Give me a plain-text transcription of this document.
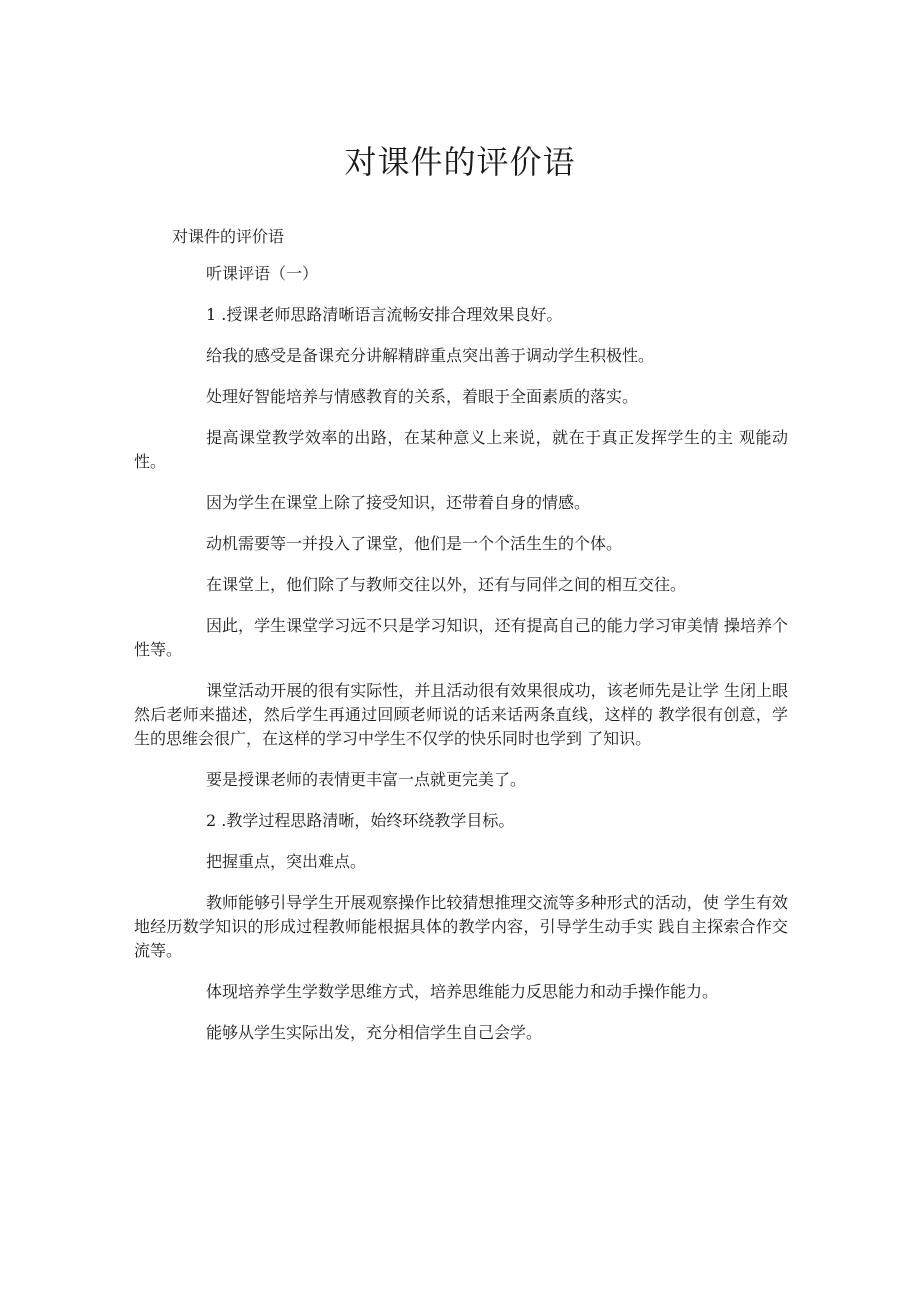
对课件的评价语
对课件的评价语

听课评语（一）

1 .授课老师思路清晰语言流畅安排合理效果良好。

给我的感受是备课充分讲解精辟重点突出善于调动学生积极性。

处理好智能培养与情感教育的关系，着眼于全面素质的落实。

提高课堂教学效率的出路，在某种意义上来说，就在于真正发挥学生的主 观能动性。

因为学生在课堂上除了接受知识，还带着自身的情感。

动机需要等一并投入了课堂，他们是一个个活生生的个体。

在课堂上，他们除了与教师交往以外，还有与同伴之间的相互交往。

因此，学生课堂学习远不只是学习知识，还有提高自己的能力学习审美情 操培养个性等。

课堂活动开展的很有实际性，并且活动很有效果很成功，该老师先是让学 生闭上眼然后老师来描述，然后学生再通过回顾老师说的话来话两条直线，这样的 教学很有创意，学生的思维会很广，在这样的学习中学生不仅学的快乐同时也学到 了知识。

要是授课老师的表情更丰富一点就更完美了。

2 .教学过程思路清晰，始终环绕教学目标。

把握重点，突出难点。

教师能够引导学生开展观察操作比较猜想推理交流等多种形式的活动，使 学生有效地经历数学知识的形成过程教师能根据具体的教学内容，引导学生动手实 践自主探索合作交流等。

体现培养学生学数学思维方式，培养思维能力反思能力和动手操作能力。

能够从学生实际出发，充分相信学生自己会学。
